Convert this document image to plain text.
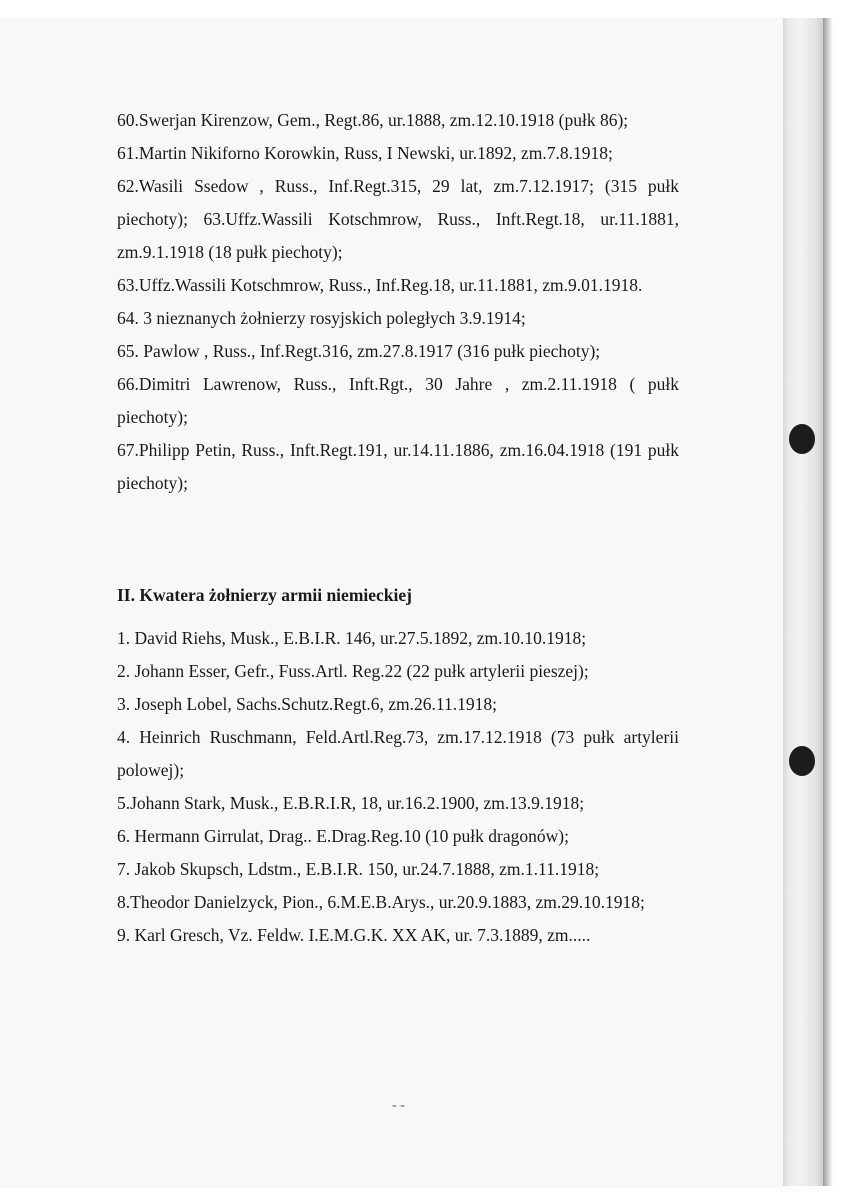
60.Swerjan Kirenzow, Gem., Regt.86, ur.1888, zm.12.10.1918 (pułk 86);

61.Martin Nikiforno Korowkin, Russ, I Newski, ur.1892, zm.7.8.1918;

62.Wasili Ssedow , Russ., Inf.Regt.315, 29 lat, zm.7.12.1917; (315 pułk piechoty); 63.Uffz.Wassili Kotschmrow, Russ., Inft.Regt.18, ur.11.1881, zm.9.1.1918 (18 pułk piechoty);

63.Uffz.Wassili Kotschmrow, Russ., Inf.Reg.18, ur.11.1881, zm.9.01.1918.

64. 3 nieznanych żołnierzy rosyjskich poległych 3.9.1914;

65. Pawlow , Russ., Inf.Regt.316, zm.27.8.1917 (316 pułk piechoty);

66.Dimitri Lawrenow, Russ., Inft.Rgt., 30 Jahre , zm.2.11.1918 ( pułk piechoty);

67.Philipp Petin, Russ., Inft.Regt.191, ur.14.11.1886, zm.16.04.1918 (191 pułk piechoty);

II. Kwatera żołnierzy armii niemieckiej

1. David Riehs, Musk., E.B.I.R. 146, ur.27.5.1892, zm.10.10.1918;

2. Johann Esser, Gefr., Fuss.Artl. Reg.22 (22 pułk artylerii pieszej);

3. Joseph Lobel, Sachs.Schutz.Regt.6, zm.26.11.1918;

4. Heinrich Ruschmann, Feld.Artl.Reg.73, zm.17.12.1918 (73 pułk artylerii polowej);

5.Johann Stark, Musk., E.B.R.I.R, 18, ur.16.2.1900, zm.13.9.1918;

6. Hermann Girrulat, Drag.. E.Drag.Reg.10 (10 pułk dragonów);

7. Jakob Skupsch, Ldstm., E.B.I.R. 150, ur.24.7.1888, zm.1.11.1918;

8.Theodor Danielzyck, Pion., 6.M.E.B.Arys., ur.20.9.1883, zm.29.10.1918;

9. Karl Gresch, Vz. Feldw. I.E.M.G.K. XX AK, ur. 7.3.1889, zm.....

- -
